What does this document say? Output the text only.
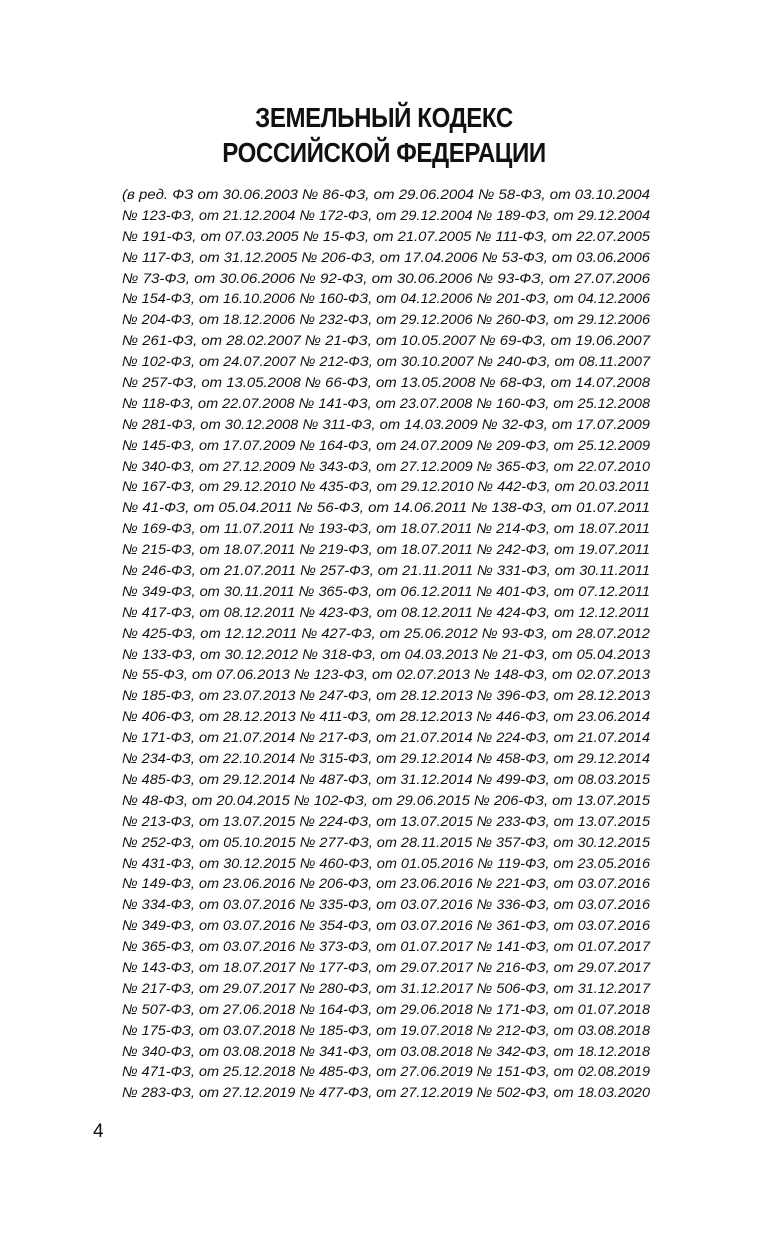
ЗЕМЕЛЬНЫЙ КОДЕКС
РОССИЙСКОЙ ФЕДЕРАЦИИ
(в ред. ФЗ от 30.06.2003 № 86-ФЗ, от 29.06.2004 № 58-ФЗ, от 03.10.2004
№ 123-ФЗ, от 21.12.2004 № 172-ФЗ, от 29.12.2004 № 189-ФЗ, от 29.12.2004
№ 191-ФЗ, от 07.03.2005 № 15-ФЗ, от 21.07.2005 № 111-ФЗ, от 22.07.2005
№ 117-ФЗ, от 31.12.2005 № 206-ФЗ, от 17.04.2006 № 53-ФЗ, от 03.06.2006
№ 73-ФЗ, от 30.06.2006 № 92-ФЗ, от 30.06.2006 № 93-ФЗ, от 27.07.2006
№ 154-ФЗ, от 16.10.2006 № 160-ФЗ, от 04.12.2006 № 201-ФЗ, от 04.12.2006
№ 204-ФЗ, от 18.12.2006 № 232-ФЗ, от 29.12.2006 № 260-ФЗ, от 29.12.2006
№ 261-ФЗ, от 28.02.2007 № 21-ФЗ, от 10.05.2007 № 69-ФЗ, от 19.06.2007
№ 102-ФЗ, от 24.07.2007 № 212-ФЗ, от 30.10.2007 № 240-ФЗ, от 08.11.2007
№ 257-ФЗ, от 13.05.2008 № 66-ФЗ, от 13.05.2008 № 68-ФЗ, от 14.07.2008
№ 118-ФЗ, от 22.07.2008 № 141-ФЗ, от 23.07.2008 № 160-ФЗ, от 25.12.2008
№ 281-ФЗ, от 30.12.2008 № 311-ФЗ, от 14.03.2009 № 32-ФЗ, от 17.07.2009
№ 145-ФЗ, от 17.07.2009 № 164-ФЗ, от 24.07.2009 № 209-ФЗ, от 25.12.2009
№ 340-ФЗ, от 27.12.2009 № 343-ФЗ, от 27.12.2009 № 365-ФЗ, от 22.07.2010
№ 167-ФЗ, от 29.12.2010 № 435-ФЗ, от 29.12.2010 № 442-ФЗ, от 20.03.2011
№ 41-ФЗ, от 05.04.2011 № 56-ФЗ, от 14.06.2011 № 138-ФЗ, от 01.07.2011
№ 169-ФЗ, от 11.07.2011 № 193-ФЗ, от 18.07.2011 № 214-ФЗ, от 18.07.2011
№ 215-ФЗ, от 18.07.2011 № 219-ФЗ, от 18.07.2011 № 242-ФЗ, от 19.07.2011
№ 246-ФЗ, от 21.07.2011 № 257-ФЗ, от 21.11.2011 № 331-ФЗ, от 30.11.2011
№ 349-ФЗ, от 30.11.2011 № 365-ФЗ, от 06.12.2011 № 401-ФЗ, от 07.12.2011
№ 417-ФЗ, от 08.12.2011 № 423-ФЗ, от 08.12.2011 № 424-ФЗ, от 12.12.2011
№ 425-ФЗ, от 12.12.2011 № 427-ФЗ, от 25.06.2012 № 93-ФЗ, от 28.07.2012
№ 133-ФЗ, от 30.12.2012 № 318-ФЗ, от 04.03.2013 № 21-ФЗ, от 05.04.2013
№ 55-ФЗ, от 07.06.2013 № 123-ФЗ, от 02.07.2013 № 148-ФЗ, от 02.07.2013
№ 185-ФЗ, от 23.07.2013 № 247-ФЗ, от 28.12.2013 № 396-ФЗ, от 28.12.2013
№ 406-ФЗ, от 28.12.2013 № 411-ФЗ, от 28.12.2013 № 446-ФЗ, от 23.06.2014
№ 171-ФЗ, от 21.07.2014 № 217-ФЗ, от 21.07.2014 № 224-ФЗ, от 21.07.2014
№ 234-ФЗ, от 22.10.2014 № 315-ФЗ, от 29.12.2014 № 458-ФЗ, от 29.12.2014
№ 485-ФЗ, от 29.12.2014 № 487-ФЗ, от 31.12.2014 № 499-ФЗ, от 08.03.2015
№ 48-ФЗ, от 20.04.2015 № 102-ФЗ, от 29.06.2015 № 206-ФЗ, от 13.07.2015
№ 213-ФЗ, от 13.07.2015 № 224-ФЗ, от 13.07.2015 № 233-ФЗ, от 13.07.2015
№ 252-ФЗ, от 05.10.2015 № 277-ФЗ, от 28.11.2015 № 357-ФЗ, от 30.12.2015
№ 431-ФЗ, от 30.12.2015 № 460-ФЗ, от 01.05.2016 № 119-ФЗ, от 23.05.2016
№ 149-ФЗ, от 23.06.2016 № 206-ФЗ, от 23.06.2016 № 221-ФЗ, от 03.07.2016
№ 334-ФЗ, от 03.07.2016 № 335-ФЗ, от 03.07.2016 № 336-ФЗ, от 03.07.2016
№ 349-ФЗ, от 03.07.2016 № 354-ФЗ, от 03.07.2016 № 361-ФЗ, от 03.07.2016
№ 365-ФЗ, от 03.07.2016 № 373-ФЗ, от 01.07.2017 № 141-ФЗ, от 01.07.2017
№ 143-ФЗ, от 18.07.2017 № 177-ФЗ, от 29.07.2017 № 216-ФЗ, от 29.07.2017
№ 217-ФЗ, от 29.07.2017 № 280-ФЗ, от 31.12.2017 № 506-ФЗ, от 31.12.2017
№ 507-ФЗ, от 27.06.2018 № 164-ФЗ, от 29.06.2018 № 171-ФЗ, от 01.07.2018
№ 175-ФЗ, от 03.07.2018 № 185-ФЗ, от 19.07.2018 № 212-ФЗ, от 03.08.2018
№ 340-ФЗ, от 03.08.2018 № 341-ФЗ, от 03.08.2018 № 342-ФЗ, от 18.12.2018
№ 471-ФЗ, от 25.12.2018 № 485-ФЗ, от 27.06.2019 № 151-ФЗ, от 02.08.2019
№ 283-ФЗ, от 27.12.2019 № 477-ФЗ, от 27.12.2019 № 502-ФЗ, от 18.03.2020
4
